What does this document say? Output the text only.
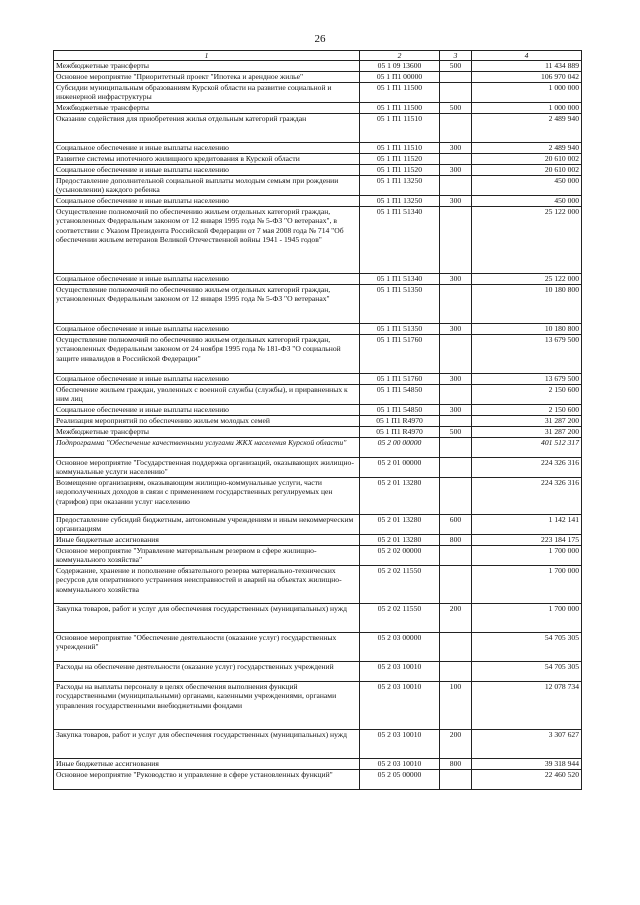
26
1	2	3	4
Межбюджетные трансферты	05 1 09 13600	500	11 434 889
Основное мероприятие "Приоритетный проект "Ипотека и арендное жилье"	05 1 П1 00000		106 970 042
Субсидии муниципальным образованиям Курской области на развитие социальной и инженерной инфраструктуры	05 1 П1 11500		1 000 000
Межбюджетные трансферты	05 1 П1 11500	500	1 000 000
Оказание содействия для приобретения жилья отдельным категорий граждан	05 1 П1 11510		2 489 940
Социальное обеспечение и иные выплаты населению	05 1 П1 11510	300	2 489 940
Развитие системы ипотечного жилищного кредитования в Курской области	05 1 П1 11520		20 610 002
Социальное обеспечение и иные выплаты населению	05 1 П1 11520	300	20 610 002
Предоставление дополнительной социальной выплаты молодым семьям при рождении (усыновлении) каждого ребенка	05 1 П1 13250		450 000
Социальное обеспечение и иные выплаты населению	05 1 П1 13250	300	450 000
Осуществление полномочий по обеспечению жильем отдельных категорий граждан, установленных Федеральным законом от 12 января 1995 года № 5-ФЗ "О ветеранах", в соответствии с Указом Президента Российской Федерации от 7 мая 2008 года № 714 "Об обеспечении жильем ветеранов Великой Отечественной войны 1941 - 1945 годов"	05 1 П1 51340		25 122 000
Социальное обеспечение и иные выплаты населению	05 1 П1 51340	300	25 122 000
Осуществление полномочий по обеспечению жильем отдельных категорий граждан, установленных Федеральным законом от 12 января 1995 года № 5-ФЗ "О ветеранах"	05 1 П1 51350		10 180 800
Социальное обеспечение и иные выплаты населению	05 1 П1 51350	300	10 180 800
Осуществление полномочий по обеспечению жильем отдельных категорий граждан, установленных Федеральным законом от 24 ноября 1995 года № 181-ФЗ "О социальной защите инвалидов в Российской Федерации"	05 1 П1 51760		13 679 500
Социальное обеспечение и иные выплаты населению	05 1 П1 51760	300	13 679 500
Обеспечение жильем граждан, уволенных с военной службы (службы), и приравненных к ним лиц	05 1 П1 54850		2 150 600
Социальное обеспечение и иные выплаты населению	05 1 П1 54850	300	2 150 600
Реализация мероприятий по обеспечению жильем молодых семей	05 1 П1 R4970		31 287 200
Межбюджетные трансферты	05 1 П1 R4970	500	31 287 200
Подпрограмма "Обеспечение качественными услугами ЖКХ населения Курской области"	05 2 00 00000		401 512 317
Основное мероприятие "Государственная поддержка организаций, оказывающих жилищно-коммунальные услуги населению"	05 2 01 00000		224 326 316
Возмещение организациям, оказывающим жилищно-коммунальные услуги, части недополученных доходов в связи с применением государственных регулируемых цен (тарифов) при оказании услуг населению	05 2 01 13280		224 326 316
Предоставление субсидий бюджетным, автономным учреждениям и иным некоммерческим организациям	05 2 01 13280	600	1 142 141
Иные бюджетные ассигнования	05 2 01 13280	800	223 184 175
Основное мероприятие "Управление материальным резервом в сфере жилищно-коммунального хозяйства"	05 2 02 00000		1 700 000
Содержание, хранение и пополнение обязательного резерва материально-технических ресурсов для оперативного устранения неисправностей и аварий на объектах жилищно-коммунального хозяйства	05 2 02 11550		1 700 000
Закупка товаров, работ и услуг для обеспечения государственных (муниципальных) нужд	05 2 02 11550	200	1 700 000
Основное мероприятие "Обеспечение деятельности (оказание услуг) государственных учреждений"	05 2 03 00000		54 705 305
Расходы на обеспечение деятельности (оказание услуг) государственных учреждений	05 2 03 10010		54 705 305
Расходы на выплаты персоналу в целях обеспечения выполнения функций государственными (муниципальными) органами, казенными учреждениями, органами управления государственными внебюджетными фондами	05 2 03 10010	100	12 078 734
Закупка товаров, работ и услуг для обеспечения государственных (муниципальных) нужд	05 2 03 10010	200	3 307 627
Иные бюджетные ассигнования	05 2 03 10010	800	39 318 944
Основное мероприятие "Руководство и управление в сфере установленных функций"	05 2 05 00000		22 460 520
